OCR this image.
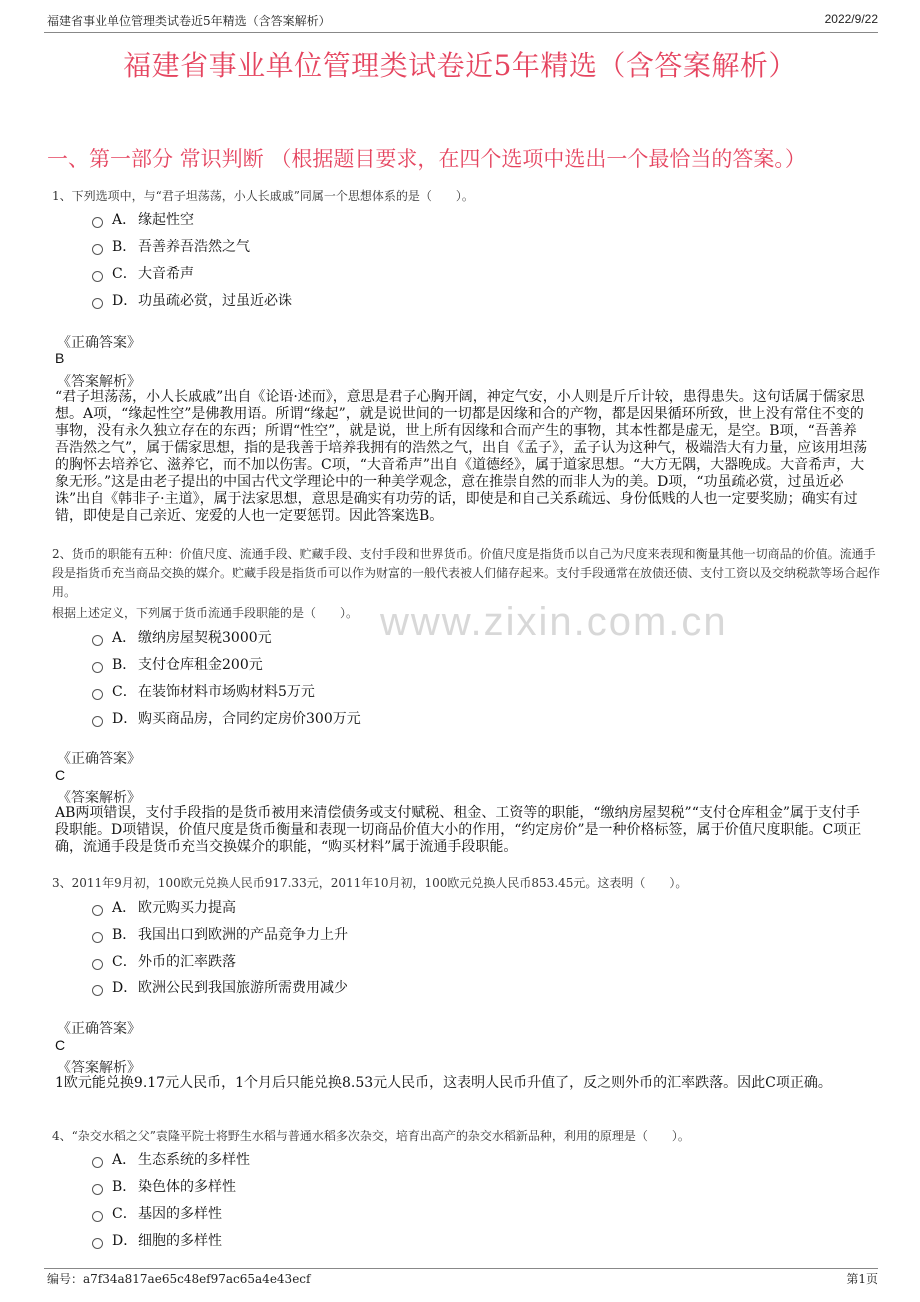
福建省事业单位管理类试卷近5年精选（含答案解析）	2022/9/22
福建省事业单位管理类试卷近5年精选（含答案解析）
一、第一部分 常识判断 （根据题目要求，在四个选项中选出一个最恰当的答案。）
www.zixin.com.cn
1、下列选项中，与“君子坦荡荡，小人长戚戚”同属一个思想体系的是（　　）。
A． 缘起性空
B． 吾善养吾浩然之气
C． 大音希声
D． 功虽疏必赏，过虽近必诛
《正确答案》
B
《答案解析》
“君子坦荡荡，小人长戚戚”出自《论语·述而》，意思是君子心胸开阔，神定气安，小人则是斤斤计较，患得患失。这句话属于儒家思想。A项，“缘起性空”是佛教用语。所谓“缘起”，就是说世间的一切都是因缘和合的产物，都是因果循环所致，世上没有常住不变的事物，没有永久独立存在的东西；所谓“性空”，就是说，世上所有因缘和合而产生的事物，其本性都是虚无，是空。B项，“吾善养吾浩然之气”，属于儒家思想，指的是我善于培养我拥有的浩然之气，出自《孟子》，孟子认为这种气，极端浩大有力量，应该用坦荡的胸怀去培养它、滋养它，而不加以伤害。C项，“大音希声”出自《道德经》，属于道家思想。“大方无隅，大器晚成。大音希声，大象无形。”这是由老子提出的中国古代文学理论中的一种美学观念，意在推崇自然的而非人为的美。D项，“功虽疏必赏，过虽近必诛”出自《韩非子·主道》，属于法家思想，意思是确实有功劳的话，即使是和自己关系疏远、身份低贱的人也一定要奖励；确实有过错，即使是自己亲近、宠爱的人也一定要惩罚。因此答案选B。
2、货币的职能有五种：价值尺度、流通手段、贮藏手段、支付手段和世界货币。价值尺度是指货币以自己为尺度来表现和衡量其他一切商品的价值。流通手段是指货币充当商品交换的媒介。贮藏手段是指货币可以作为财富的一般代表被人们储存起来。支付手段通常在放债还债、支付工资以及交纳税款等场合起作用。
根据上述定义，下列属于货币流通手段职能的是（　　）。
A． 缴纳房屋契税3000元
B． 支付仓库租金200元
C． 在装饰材料市场购材料5万元
D． 购买商品房，合同约定房价300万元
《正确答案》
C
《答案解析》
AB两项错误，支付手段指的是货币被用来清偿债务或支付赋税、租金、工资等的职能，“缴纳房屋契税”“支付仓库租金”属于支付手段职能。D项错误，价值尺度是货币衡量和表现一切商品价值大小的作用，“约定房价”是一种价格标签，属于价值尺度职能。C项正确，流通手段是货币充当交换媒介的职能，“购买材料”属于流通手段职能。
3、2011年9月初，100欧元兑换人民币917.33元，2011年10月初，100欧元兑换人民币853.45元。这表明（　　）。
A． 欧元购买力提高
B． 我国出口到欧洲的产品竞争力上升
C． 外币的汇率跌落
D． 欧洲公民到我国旅游所需费用减少
《正确答案》
C
《答案解析》
1欧元能兑换9.17元人民币，1个月后只能兑换8.53元人民币，这表明人民币升值了，反之则外币的汇率跌落。因此C项正确。
4、“杂交水稻之父”袁隆平院士将野生水稻与普通水稻多次杂交，培育出高产的杂交水稻新品种，利用的原理是（　　）。
A． 生态系统的多样性
B． 染色体的多样性
C． 基因的多样性
D． 细胞的多样性
编号：a7f34a817ae65c48ef97ac65a4e43ecf	第1页
